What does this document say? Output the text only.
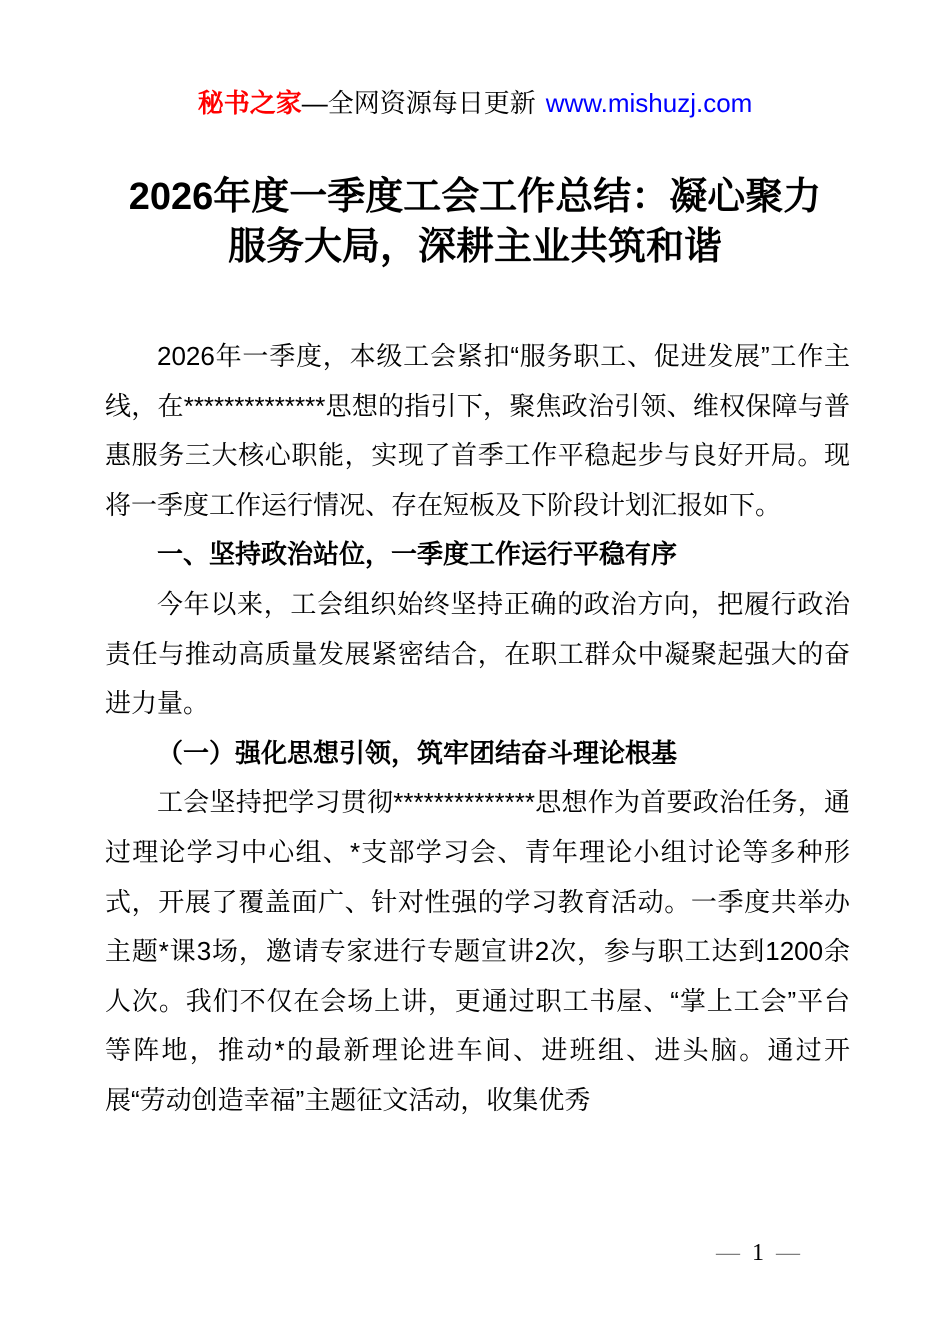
秘书之家—全网资源每日更新 www.mishuzj.com
2026年度一季度工会工作总结：凝心聚力服务大局，深耕主业共筑和谐

2026年一季度，本级工会紧扣“服务职工、促进发展”工作主线，在**************思想的指引下，聚焦政治引领、维权保障与普惠服务三大核心职能，实现了首季工作平稳起步与良好开局。现将一季度工作运行情况、存在短板及下阶段计划汇报如下。

一、坚持政治站位，一季度工作运行平稳有序

今年以来，工会组织始终坚持正确的政治方向，把履行政治责任与推动高质量发展紧密结合，在职工群众中凝聚起强大的奋进力量。

（一）强化思想引领，筑牢团结奋斗理论根基

工会坚持把学习贯彻**************思想作为首要政治任务，通过理论学习中心组、*支部学习会、青年理论小组讨论等多种形式，开展了覆盖面广、针对性强的学习教育活动。一季度共举办主题*课3场，邀请专家进行专题宣讲2次，参与职工达到1200余人次。我们不仅在会场上讲，更通过职工书屋、“掌上工会”平台等阵地，推动*的最新理论进车间、进班组、进头脑。通过开展“劳动创造幸福”主题征文活动，收集优秀

— 1 —
